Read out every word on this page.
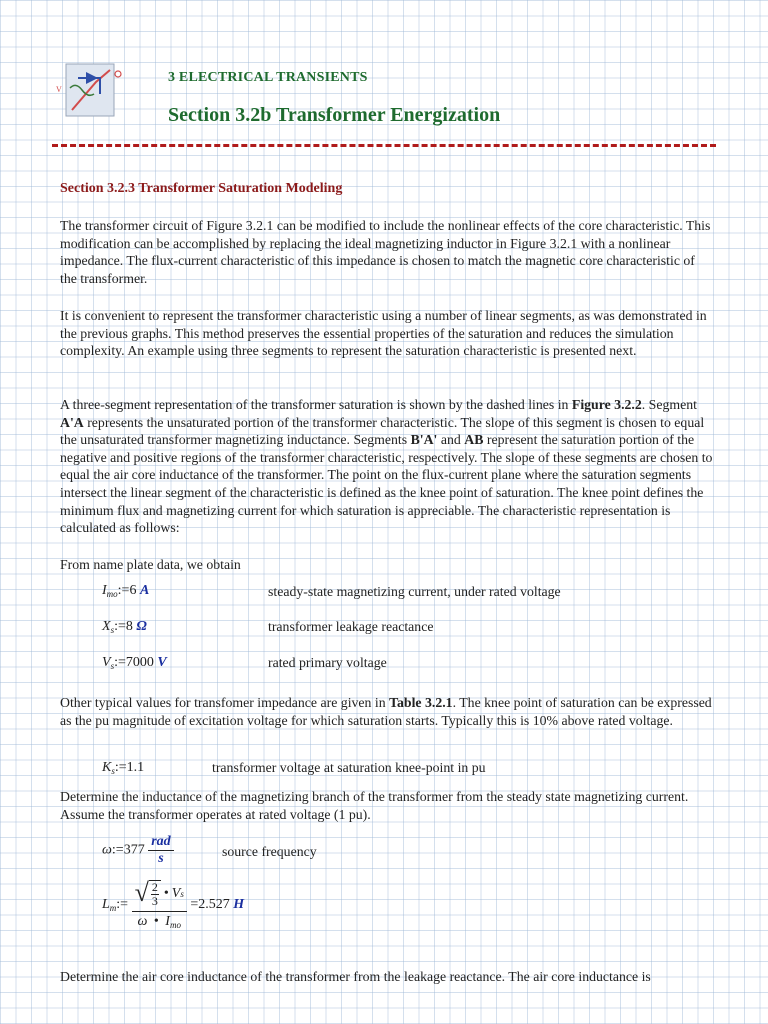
V
3 ELECTRICAL TRANSIENTS
Section 3.2b Transformer Energization
Section 3.2.3 Transformer Saturation Modeling
The transformer circuit of Figure 3.2.1 can be modified to include the nonlinear effects of the core characteristic. This modification can be accomplished by replacing the ideal magnetizing inductor in Figure 3.2.1 with a nonlinear impedance. The flux-current characteristic of this impedance is chosen to match the magnetic core characteristic of the transformer.
It is convenient to represent the transformer characteristic using a number of linear segments, as was demonstrated in the previous graphs. This method preserves the essential properties of the saturation and reduces the simulation complexity. An example using three segments to represent the saturation characteristic is presented next.
A three-segment representation of the transformer saturation is shown by the dashed lines in Figure 3.2.2. Segment A'A represents the unsaturated portion of the transformer characteristic. The slope of this segment is chosen to equal the unsaturated transformer magnetizing inductance. Segments B'A' and AB represent the saturation portion of the negative and positive regions of the transformer characteristic, respectively. The slope of these segments are chosen to equal the air core inductance of the transformer. The point on the flux-current plane where the saturation segments intersect the linear segment of the characteristic is defined as the knee point of saturation. The knee point defines the minimum flux and magnetizing current for which saturation is appreciable. The characteristic representation is calculated as follows:
From name plate data, we obtain
$I_{mo}:=6$ A	steady-state magnetizing current, under rated voltage
$X_s:=8$ Ω	transformer leakage reactance
$V_s:=7000$ V	rated primary voltage
Other typical values for transfomer impedance are given in Table 3.2.1. The knee point of saturation can be expressed as the pu magnitude of excitation voltage for which saturation starts. Typically this is 10% above rated voltage.
$K_s:=1.1$	transformer voltage at saturation knee-point in pu
Determine the inductance of the magnetizing branch of the transformer from the steady state magnetizing current. Assume the transformer operates at rated voltage (1 pu).
ω:=377 $\frac{\text{rad}}{s}$	source frequency
$L_m:=$ √ $\frac{2}{3}$ • V s
ω • $I_{mo}$
=2.527 H
Determine the air core inductance of the transformer from the leakage reactance. The air core inductance is
